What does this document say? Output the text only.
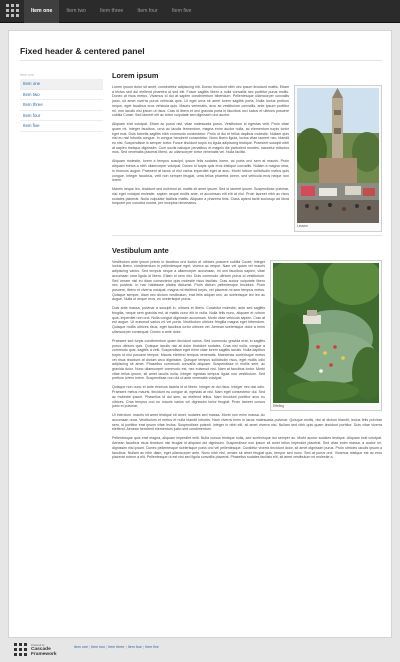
Item one	Item two	Item three	Item four	Item five
Fixed header & centered panel
Item one
Item one
Item two
Item three
Item four
Item five
Lorem ipsum
Leuven

Lorem ipsum dolor sit amet, consectetur adipiscing elit. Donec tincidunt nibh nec ipsum tincidunt mattis. Etiam a lectus sed dui eleifend pharetra ut sed elit. Fusce sagittis libero a nulla convallis nec porttitor purus mollis. Donec at risus metus. Vivamus id dui at sapien condimentum bibendum. Pellentesque ullamcorper convallis justo, sit amet viverra purus vehicula quis. Ut eget urna sit amet lorem sagittis porta. Nulla luctus pretium neque, eget faucibus eros vehicula quis. Mauris venenatis, arcu ac vestibulum convallis, ante ipsum porttitor mi, non iaculis nisi ipsum ut risus. Cras id libero et orci gravida porta in faucibus orci luctus et ultrices posuere cubilia Curae; Sed laoreet elit ac tortor vulputate sed dignissim orci auctor.

Aliquam erat volutpat. Etiam ac purus nisl, vitae malesuada purus. Vestibulum id egestas velit. Proin vitae quam mi. Integer faucibus, urna ac iaculis fermentum, magna enim auctor nulla, ac elementum turpis tortor eget erat. Duis lobortis sagittis nibh commodo consectetur. Proin ut dui et tellus dapibus molestie. Nullam quis nisl eu nisi lobortis congue. In congue hendrerit consectetur. Nunc libero ligula, luctus vitae laoreet nec, blandit eu nisi. Suspendisse in semper tortor. Fusce tincidunt turpis eu ligula adipiscing tristique. Praesent suscipit nibh at sapien tristique dignissim. Cum sociis natoque penatibus et magnis dis parturient montes, nascetur ridiculus mus. Sed venenatis placerat libero, ac ullamcorper tortor venenatis vel. Nulla facilisi.

Aliquam molestie, lorem a tempus suscipit, ipsum felis sodales lorem, ac porta orci sem at mauris. Proin aliquam metus a nibh ullamcorper volutpat. Donec id turpis quis eros tristique convallis. Nullam a magna urna, in rhoncus augue. Praesent at lacus ut nisl varius imperdiet eget at arcu. Morbi rutrum sollicitudin metus quis congue. Integer faucibus, velit non semper feugiat, urna tellus pharetra lorem, sed vehicula eros neque non lorem.

Mauris neque leo, tincidunt sed euismod at, mattis sit amet ipsum. Sed id laoreet ipsum. Suspendisse pulvinar, nisi eget volutpat molestie, sapien neque mollis ante, et accumsan elit elit at nisl. Proin laoreet nibh ac risus sodales placerat. Nulla vulputate facilisis mattis. Aliquam a pharetra felis. Class aptent taciti sociosqu ad litora torquent per conubia nostra, per inceptos himenaeos.

Vestibulum ante
Efteling

Vestibulum ante ipsum primis in faucibus orci luctus et ultrices posuere cubilia Curae; Integer luctus libero, condimentum in pellentesque eget, viverra ac neque. Nam vel quam vel mauris adipiscing varius. Sed tempus neque a ullamcorper accumsan, mi orci faucibus sapien, vitae accumsan urna ligula id libero. Etiam id sem nisi. Duis commodo ultrices purus id vestibulum. Sed ornare nisl eu diam consectetur quis molestie risus facilisis. Cras auctor vulputate libero nec pulvinar. In hac habitasse platea dictumst. Proin dictum pellentesque tincidunt. Proin posuere, libero et viverra volutpat, magna mi eleifend turpis, vel placerat mi sem tempus metus. Quisque semper, diam nec dictum vestibulum, erat felis aliquet orci, ac scelerisque leo leo ac augue. Nulla ut neque eros, eu scelerisque purus.

Duis ante massa, pulvinar a suscipit in, ultrices et libero. Curabitur molestie, ante sed sagittis fringilla, neque sem gravida est, at mattis nunc elit in nulla. Nulla felis nunc, aliquam et rutrum quis, imperdiet non orci. Nulla congue dignissim accumsan. Morbi vitae vehicula sapien. Cras at est augue. Ut euismod varius mi vel porta. Vestibulum ultrices fringilla magna eget bibendum. Quisque mollis ultrices risus, eget faucibus tortor ultrices vel. Aenean scelerisque dolor a enim ullamcorper consequat. Donec a ante dolor.

Praesent sed turpis condimentum quam tincidunt varius. Sed commodo gravida erat, in sagittis purus ultrices quis. Quisque iaculis nisi at dolor tincidunt sodales. Cras nisl nulla, congue a commodo quis, sagittis a velit. Suspendisse eget enim vitae lorem sagittis iaculis. Nulla dapibus turpis id nisi posuere tempor. Mauris eleifend tempus venenatis. Maecenas scelerisque metus vel risus tincidunt at dictum arcu dignissim. Quisque tempus sollicitudin risus, eget mollis odio adipiscing sit amet. Phasellus commodo convallis aliquam. Suspendisse in mollis sem, ac gravida dolor. Nunc ullamcorper commodo est, nec euismod nisi. Nam at faucibus tortor. Morbi vitae tellus ipsum, sit amet iaculis nulla. Integer egestas tempus ligula non vestibulum. Sed pretium lorem lorem. Suspendisse non dui ut ante venenatis volutpat.

Quisque non nunc et ante rhoncus lacinia id ut libero. Integer at dui risus. Integer nec nisi odio. Praesent metus mauris, tincidunt eu congue at, egestas at nisl. Nam eget consectetur dui. Sed ac molestie ipsum. Phasellus id dui sem, ac eleifend tellus. Nam tincidunt porttitor arcu eu ultrices. Cras tempus orci eu mauris varius vel dignissim tortor feugiat. Proin laoreet cursus justo et pulvinar.

Ut interdum, mauris sit amet tristique sit amet, sodales sed massa. Morbi non enim massa. Ac accumsan urna. Vestibulum et metus et nulla blandit lobortis. Nam viverra enim in lacus malesuada pulvinar. Quisque mollis, nisi at dictum blandit, lectus felis pulvinar sem, id porttitor erat ipsum vitae lectus. Suspendisse potenti. Integer in nibh elit, sit amet viverra nisi. Nullam sed nibh quis quam tincidunt porttitor. Duis vitae viverra eleifend. Aenean hendrerit elementum justo sed condimentum.

Pellentesque quis erat magna, aliquam imperdiet velit. Nulla cursus tristique nulla, sed scelerisque dui semper ac. Morbi auctor sodales tristique. Aliquam erat volutpat. Aenean faucibus risus tincidunt nisi feugiat id aliquam dui dignissim. Suspendisse non ipsum sit amet tellus imperdiet placerat. Sed vitae enim massa, a auctor mi, dignissim nisi ipsum. Donec pellentesque scelerisque porta orci vel pellentesque. Curabitur viverra tincidunt dolor, sit amet dignissim purus. Proin ultricies iaculis ipsum a faucibus. Nullam ac nibh diam, eget ullamcorper ante. Nunc nibh nisl, ornare sit amet feugiat quis, tempor sed nunc. Sed at purus orci. Vivamus tristique est ac eros placerat rutrum a elit. Pellentesque ut est nisi sed ligula convallis placerat. Phasellus sodales facilisis elit, sit amet vestibulum mi molestie a.

Powered by
Cascade
Framework
Item one | Item two | Item three | Item four | Item five
